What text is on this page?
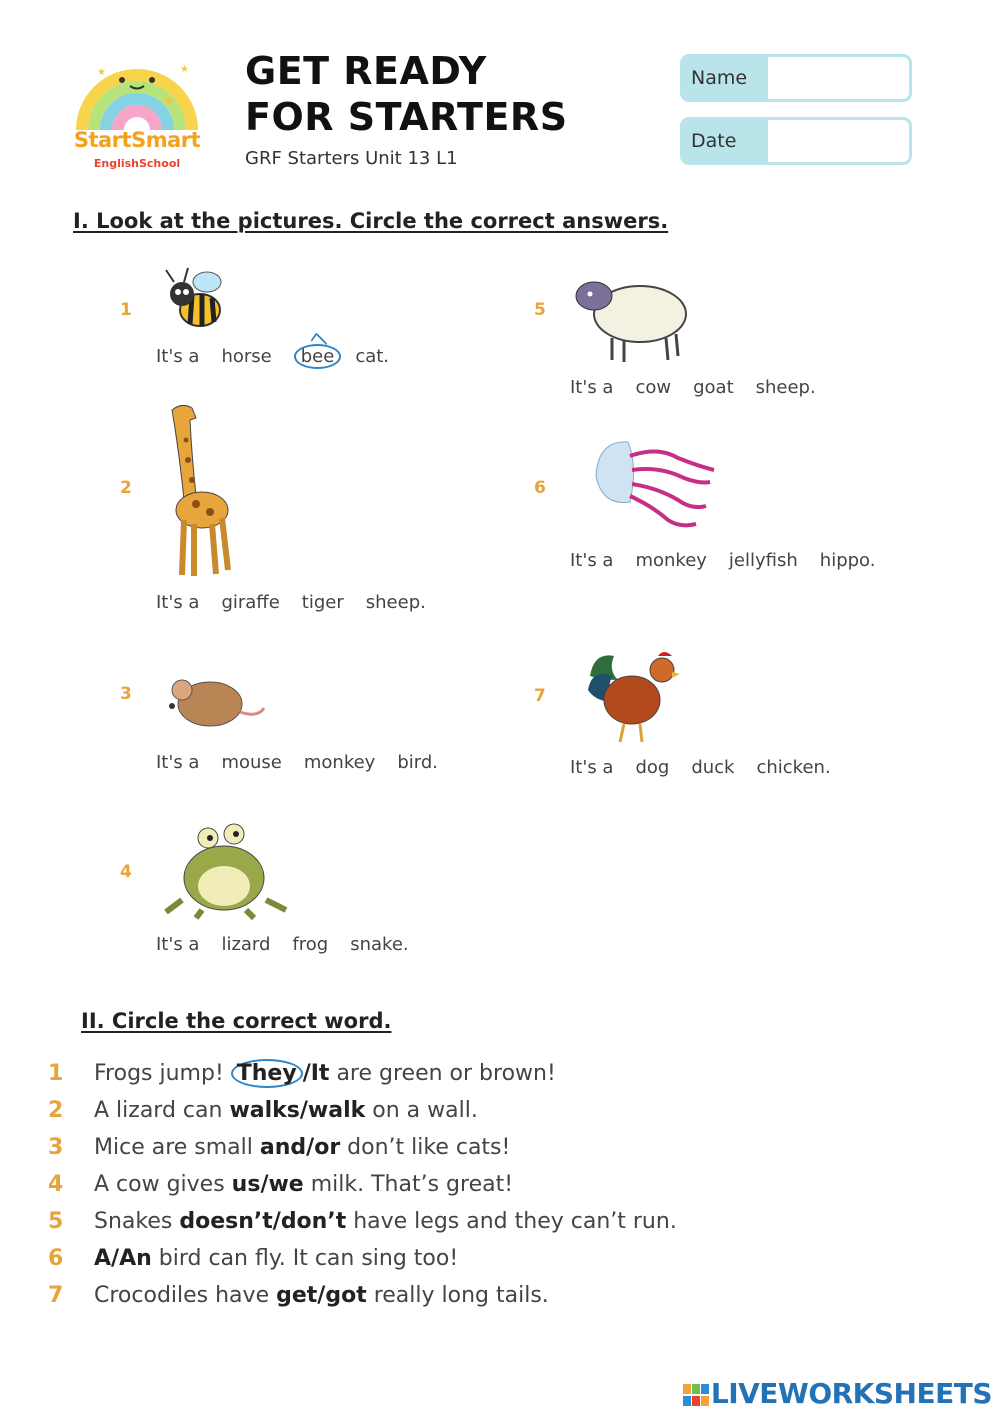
★
★	★
StartSmart
EnglishSchool
GET READY
FOR STARTERS
GRF Starters Unit 13 L1
Name
Date
I. Look at the pictures. Circle the correct answers.
1
It's a horse bee cat.
2
It's a giraffe tiger sheep.
3
It's a mouse monkey bird.
4
It's a lizard frog snake.
5
It's a cow goat sheep.
6
It's a monkey jellyfish hippo.
7
It's a dog duck chicken.
II. Circle the correct word.
1 Frogs jump! They /It are green or brown!
2 A lizard can walks/walk on a wall.
3 Mice are small and/or don’t like cats!
4 A cow gives us/we milk. That’s great!
5 Snakes doesn’t/don’t have legs and they can’t run.
6 A/An bird can fly. It can sing too!
7 Crocodiles have get/got really long tails.
LIVEWORKSHEETS
